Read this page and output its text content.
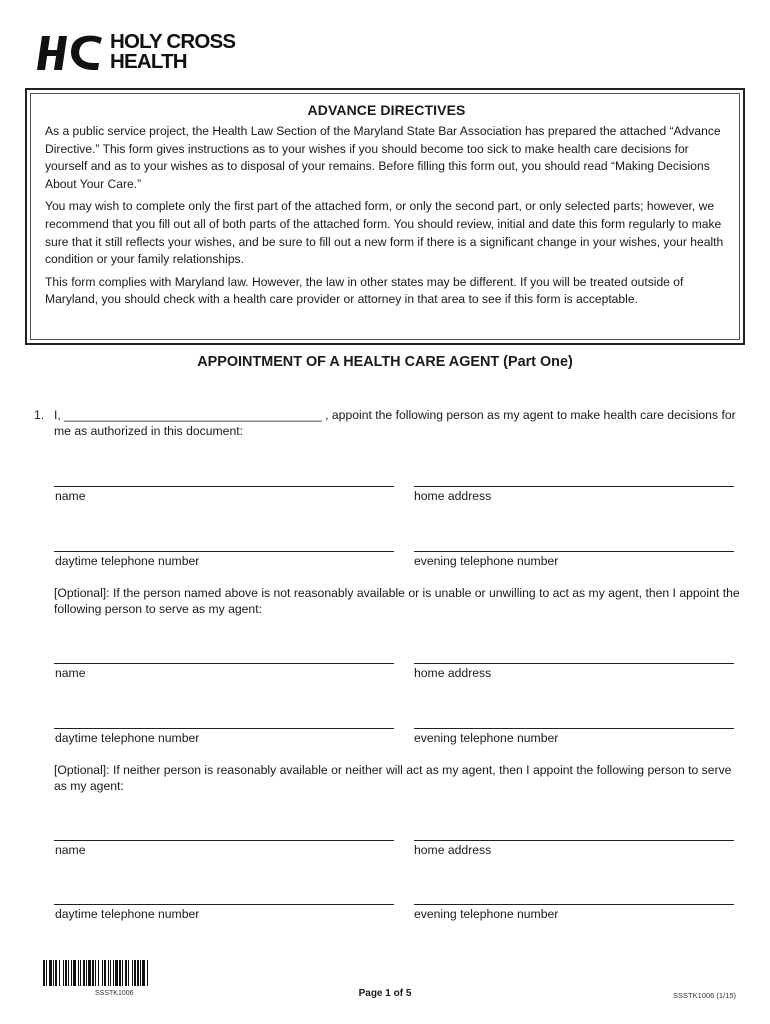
HOLY CROSS
HEALTH
ADVANCE DIRECTIVES

As a public service project, the Health Law Section of the Maryland State Bar Association has prepared the attached “Advance Directive.” This form gives instructions as to your wishes if you should become too sick to make health care decisions for yourself and as to your wishes as to disposal of your remains. Before filling this form out, you should read “Making Decisions About Your Care.”

You may wish to complete only the first part of the attached form, or only the second part, or only selected parts; however, we recommend that you fill out all of both parts of the attached form. You should review, initial and date this form regularly to make sure that it still reflects your wishes, and be sure to fill out a new form if there is a significant change in your wishes, your health condition or your family relationships.

This form complies with Maryland law. However, the law in other states may be different. If you will be treated outside of Maryland, you should check with a health care provider or attorney in that area to see if this form is acceptable.

APPOINTMENT OF A HEALTH CARE AGENT (Part One)
1. I, ______________________________________ , appoint the following person as my agent to make health care decisions for me as authorized in this document:
name	home address
daytime telephone number	evening telephone number
[Optional]: If the person named above is not reasonably available or is unable or unwilling to act as my agent, then I appoint the following person to serve as my agent:
name	home address
daytime telephone number	evening telephone number
[Optional]: If neither person is reasonably available or neither will act as my agent, then I appoint the following person to serve as my agent:
name	home address
daytime telephone number	evening telephone number
SSSTK1006	Page 1 of 5	SSSTK1006 (1/15)
